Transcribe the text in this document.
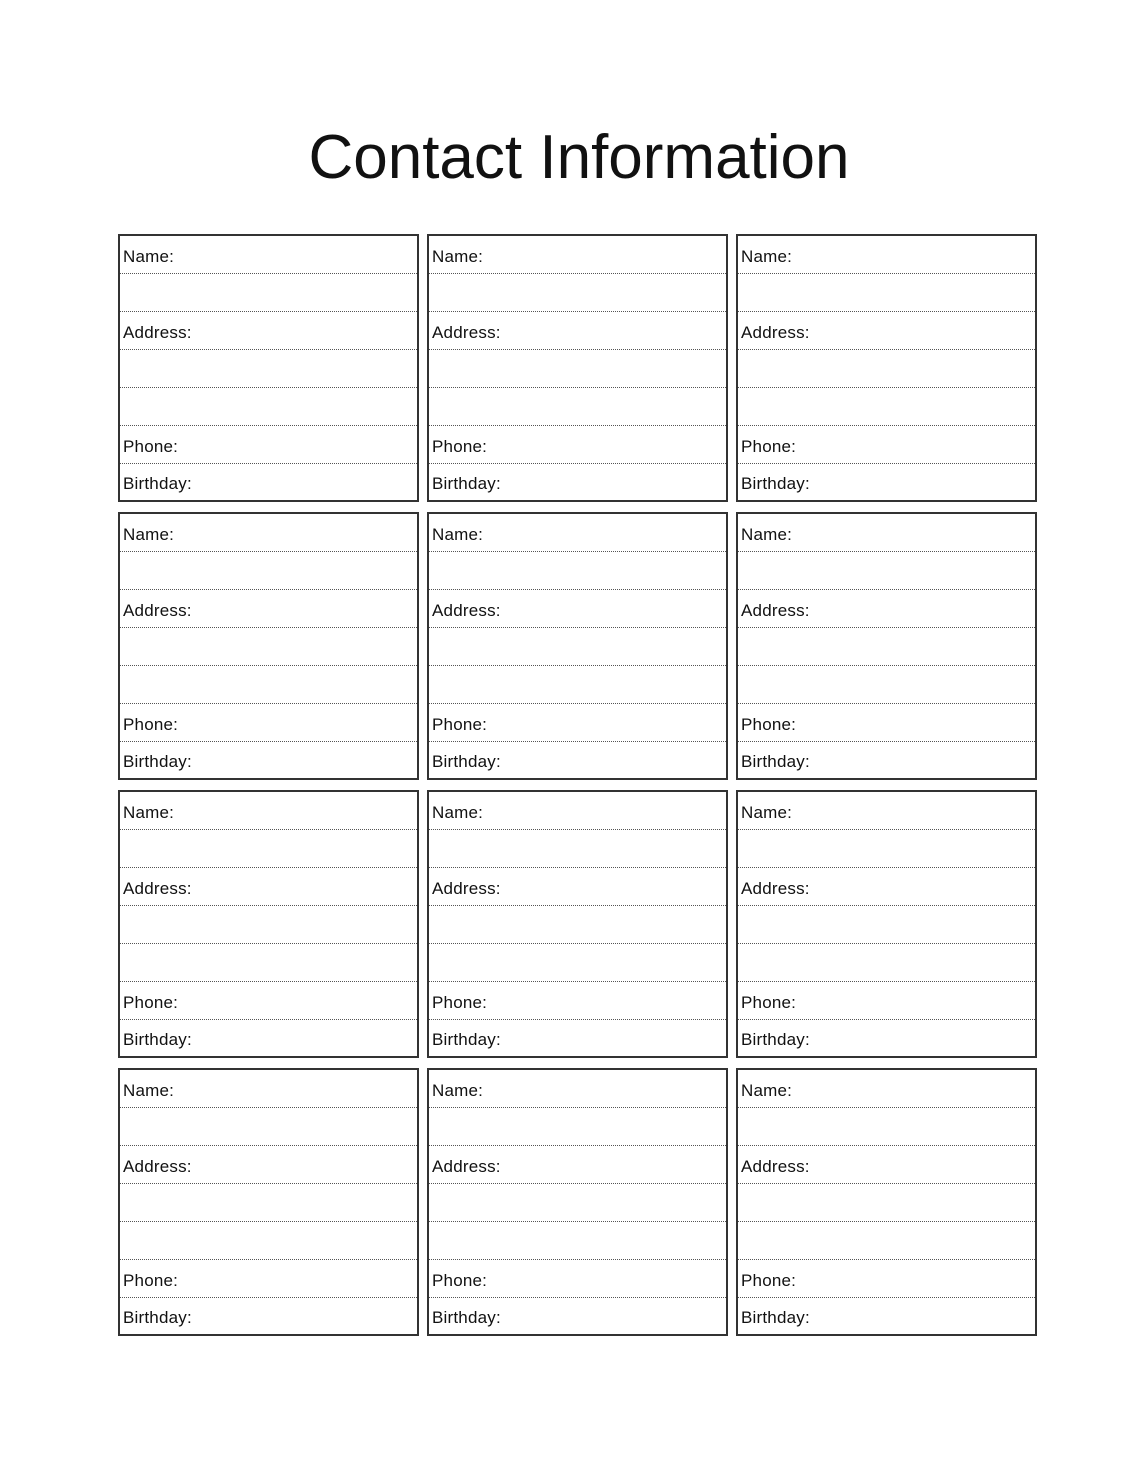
Contact Information
Name:
Address:
Phone:
Birthday:
Name:
Address:
Phone:
Birthday:
Name:
Address:
Phone:
Birthday:
Name:
Address:
Phone:
Birthday:
Name:
Address:
Phone:
Birthday:
Name:
Address:
Phone:
Birthday:
Name:
Address:
Phone:
Birthday:
Name:
Address:
Phone:
Birthday:
Name:
Address:
Phone:
Birthday:
Name:
Address:
Phone:
Birthday:
Name:
Address:
Phone:
Birthday:
Name:
Address:
Phone:
Birthday:
